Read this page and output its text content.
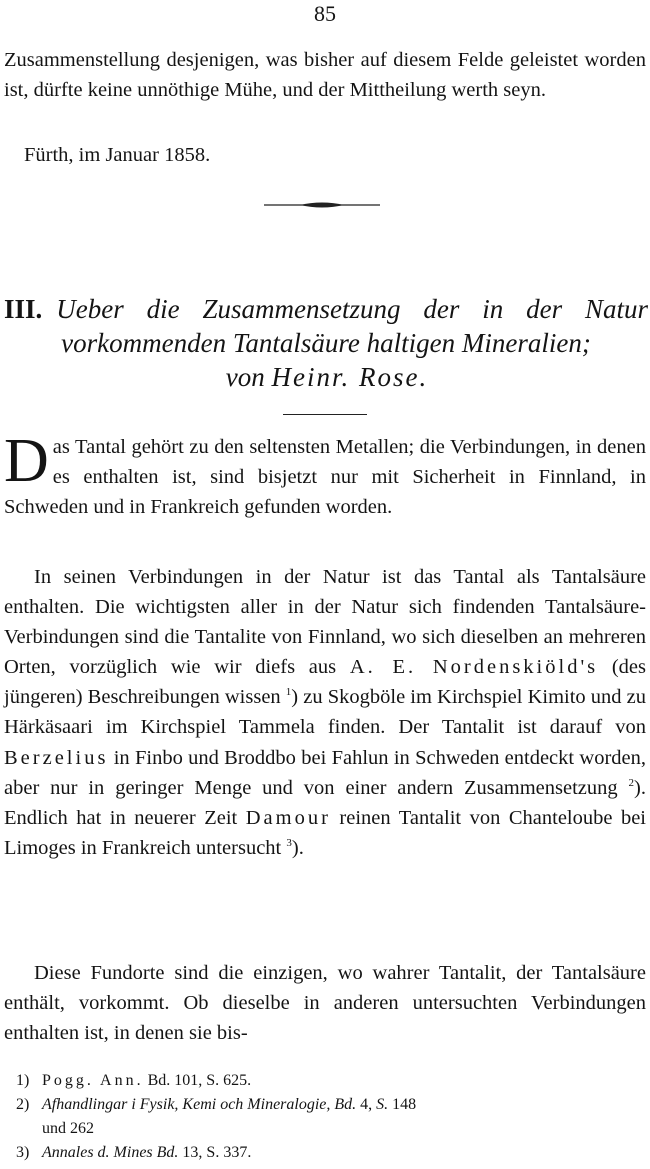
85

Zusammenstellung desjenigen, was bisher auf diesem Felde geleistet worden ist, dürfte keine unnöthige Mühe, und der Mittheilung werth seyn.

Fürth, im Januar 1858.
III. Ueber die Zusammensetzung der in der Natur
vorkommenden Tantalsäure haltigen Mineralien;
von Heinr. Rose.

Das Tantal gehört zu den seltensten Metallen; die Verbindungen, in denen es enthalten ist, sind bisjetzt nur mit Sicherheit in Finnland, in Schweden und in Frankreich gefunden worden.

In seinen Verbindungen in der Natur ist das Tantal als Tantalsäure enthalten. Die wichtigsten aller in der Natur sich findenden Tantalsäure-Verbindungen sind die Tantalite von Finnland, wo sich dieselben an mehreren Orten, vorzüglich wie wir diefs aus A. E. Nordenskiöld's (des jüngeren) Beschreibungen wissen $^1$) zu Skogböle im Kirchspiel Kimito und zu Härkäsaari im Kirchspiel Tammela finden. Der Tantalit ist darauf von Berzelius in Finbo und Broddbo bei Fahlun in Schweden entdeckt worden, aber nur in geringer Menge und von einer andern Zusammensetzung $^2$). Endlich hat in neuerer Zeit Damour reinen Tantalit von Chanteloube bei Limoges in Frankreich untersucht $^3$).

Diese Fundorte sind die einzigen, wo wahrer Tantalit, der Tantalsäure enthält, vorkommt. Ob dieselbe in anderen untersuchten Verbindungen enthalten ist, in denen sie bis-

1) Pogg. Ann. Bd. 101, S. 625.
2) Afhandlingar i Fysik, Kemi och Mineralogie, Bd. 4, S. 148
und 262
3) Annales d. Mines Bd. 13, S. 337.
